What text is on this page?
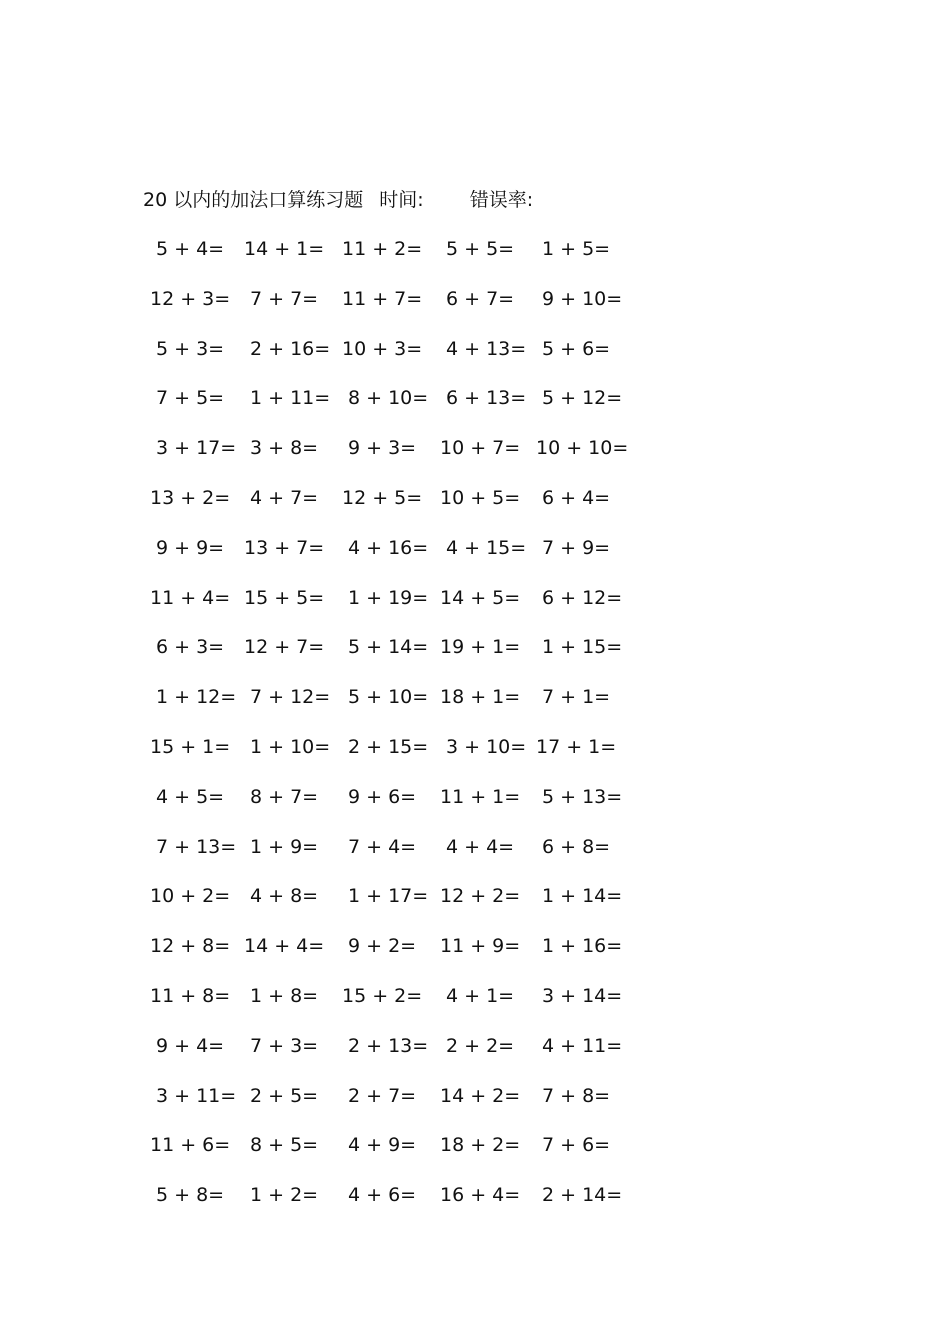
20 以内的加法口算练习题 时间: 错误率:
5 + 4= 14 + 1= 11 + 2= 5 + 5= 1 + 5=
12 + 3= 7 + 7= 11 + 7= 6 + 7= 9 + 10=
5 + 3= 2 + 16= 10 + 3= 4 + 13= 5 + 6=
7 + 5= 1 + 11= 8 + 10= 6 + 13= 5 + 12=
3 + 17= 3 + 8= 9 + 3= 10 + 7= 10 + 10=
13 + 2= 4 + 7= 12 + 5= 10 + 5= 6 + 4=
9 + 9= 13 + 7= 4 + 16= 4 + 15= 7 + 9=
11 + 4= 15 + 5= 1 + 19= 14 + 5= 6 + 12=
6 + 3= 12 + 7= 5 + 14= 19 + 1= 1 + 15=
1 + 12= 7 + 12= 5 + 10= 18 + 1= 7 + 1=
15 + 1= 1 + 10= 2 + 15= 3 + 10= 17 + 1=
4 + 5= 8 + 7= 9 + 6= 11 + 1= 5 + 13=
7 + 13= 1 + 9= 7 + 4= 4 + 4= 6 + 8=
10 + 2= 4 + 8= 1 + 17= 12 + 2= 1 + 14=
12 + 8= 14 + 4= 9 + 2= 11 + 9= 1 + 16=
11 + 8= 1 + 8= 15 + 2= 4 + 1= 3 + 14=
9 + 4= 7 + 3= 2 + 13= 2 + 2= 4 + 11=
3 + 11= 2 + 5= 2 + 7= 14 + 2= 7 + 8=
11 + 6= 8 + 5= 4 + 9= 18 + 2= 7 + 6=
5 + 8= 1 + 2= 4 + 6= 16 + 4= 2 + 14=
